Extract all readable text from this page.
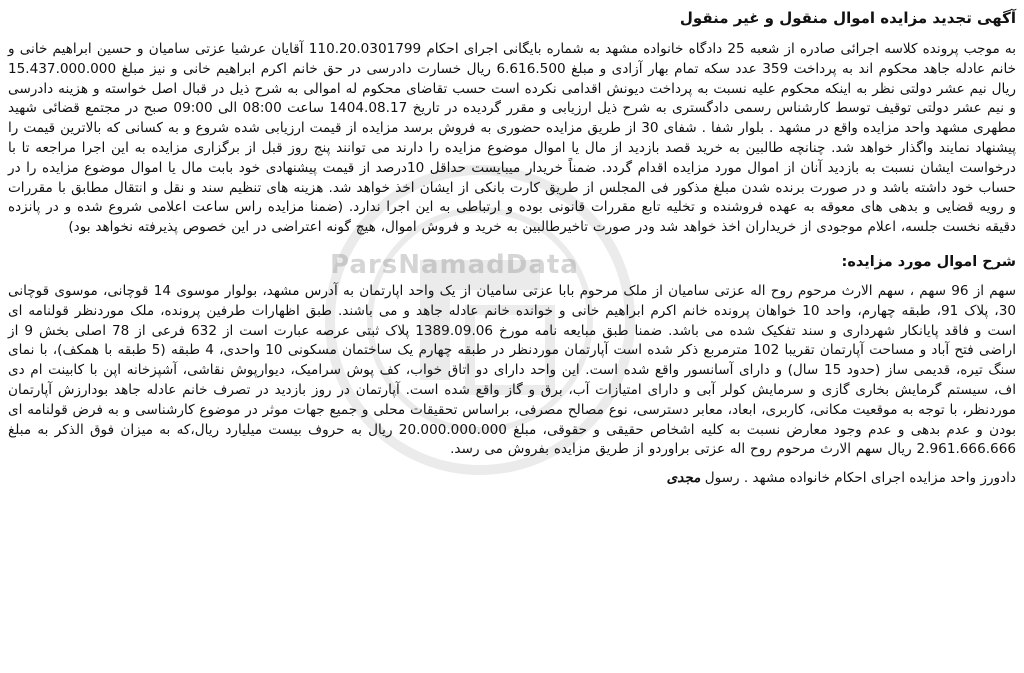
ParsNamadData
آگهی تجدید مزایده اموال منقول و غیر منقول

به موجب پرونده کلاسه اجرائی صادره از شعبه 25 دادگاه خانواده مشهد به شماره بایگانی اجرای احکام 110.20.0301799 آقایان عرشیا عزتی سامیان و حسین ابراهیم خانی و خانم عادله جاهد محکوم اند به پرداخت 359 عدد سکه تمام بهار آزادی و مبلغ 6.616.500 ریال خسارت دادرسی در حق خانم اکرم ابراهیم خانی و نیز مبلغ 15.437.000.000 ریال نیم عشر دولتی نظر به اینکه محکوم علیه نسبت به پرداخت دیونش اقدامی نکرده است حسب تقاضای محکوم له اموالی به شرح ذیل در قبال اصل خواسته و هزینه دادرسی و نیم عشر دولتی توقیف توسط کارشناس رسمی دادگستری به شرح ذیل ارزیابی و مقرر گردیده در تاریخ 1404.08.17 ساعت 08:00 الی 09:00 صبح در مجتمع قضائی شهید مطهری مشهد واحد مزایده واقع در مشهد . بلوار شفا . شفای 30 از طریق مزایده حضوری به فروش برسد مزایده از قیمت ارزیابی شده شروع و به کسانی که بالاترین قیمت را پیشنهاد نمایند واگذار خواهد شد. چنانچه طالبین به خرید قصد بازدید از مال یا اموال موضوع مزایده را دارند می توانند پنج روز قبل از برگزاری مزایده به این اجرا مراجعه تا با درخواست ایشان نسبت به بازدید آنان از اموال مورد مزایده اقدام گردد. ضمناً خریدار میبایست حداقل 10درصد از قیمت پیشنهادی خود بابت مال یا اموال موضوع مزایده را در حساب خود داشته باشد و در صورت برنده شدن مبلغ مذکور فی المجلس از طریق کارت بانکی از ایشان اخذ خواهد شد. هزینه های تنظیم سند و نقل و انتقال مطابق با مقررات و رویه قضایی و بدهی های معوقه به عهده فروشنده و تخلیه تابع مقررات قانونی بوده و ارتباطی به این اجرا ندارد. (ضمنا مزایده راس ساعت اعلامی شروع شده و در پانزده دقیقه نخست جلسه، اعلام موجودی از خریداران اخذ خواهد شد ودر صورت تاخیرطالبین به خرید و فروش اموال، هیچ گونه اعتراضی در این خصوص پذیرفته نخواهد بود)

شرح اموال مورد مزایده:

سهم از 96 سهم ، سهم الارث مرحوم روح اله عزتی سامیان از ملک مرحوم بابا عزتی سامیان از یک واحد اپارتمان به آدرس مشهد، بولوار موسوی 14 قوچانی، موسوی قوچانی 30، پلاک 91، طبقه چهارم، واحد 10 خواهان پرونده خانم اکرم ابراهیم خانی و خوانده خانم عادله جاهد و می باشند. طبق اظهارات طرفین پرونده، ملک موردنظر قولنامه ای است و فاقد پایانکار شهرداری و سند تفکیک شده می باشد. ضمنا طبق مبایعه نامه مورخ 1389.09.06 پلاک ثبتی عرصه عبارت است از 632 فرعی از 78 اصلی بخش 9 از اراضی فتح آباد و مساحت آپارتمان تقریبا 102 مترمربع ذکر شده است آپارتمان موردنظر در طبقه چهارم یک ساختمان مسکونی 10 واحدی، 4 طبقه (5 طبقه با همکف)، با نمای سنگ تیره، قدیمی ساز (حدود 15 سال) و دارای آسانسور واقع شده است. این واحد دارای دو اتاق خواب، کف پوش سرامیک، دیوارپوش نقاشی، آشپزخانه اپن با کابینت ام دی اف، سیستم گرمایش بخاری گازی و سرمایش کولر آبی و دارای امتیازات آب، برق و گاز واقع شده است. آپارتمان در روز بازدید در تصرف خانم عادله جاهد بودارزش آپارتمان موردنظر، با توجه به موقعیت مکانی، کاربری، ابعاد، معابر دسترسی، نوع مصالح مصرفی، براساس تحقیقات محلی و جمیع جهات موثر در موضوع کارشناسی و به فرض قولنامه ای بودن و عدم بدهی و عدم وجود معارض نسبت به کلیه اشخاص حقیقی و حقوقی، مبلغ 20.000.000.000 ریال به حروف بیست میلیارد ریال،که به میزان فوق الذکر به مبلغ 2.961.666.666 ریال سهم الارث مرحوم روح اله عزتی براوردو از طریق مزایده بفروش می رسد.

دادورز واحد مزایده اجرای احکام خانواده مشهد . رسول مجدی
